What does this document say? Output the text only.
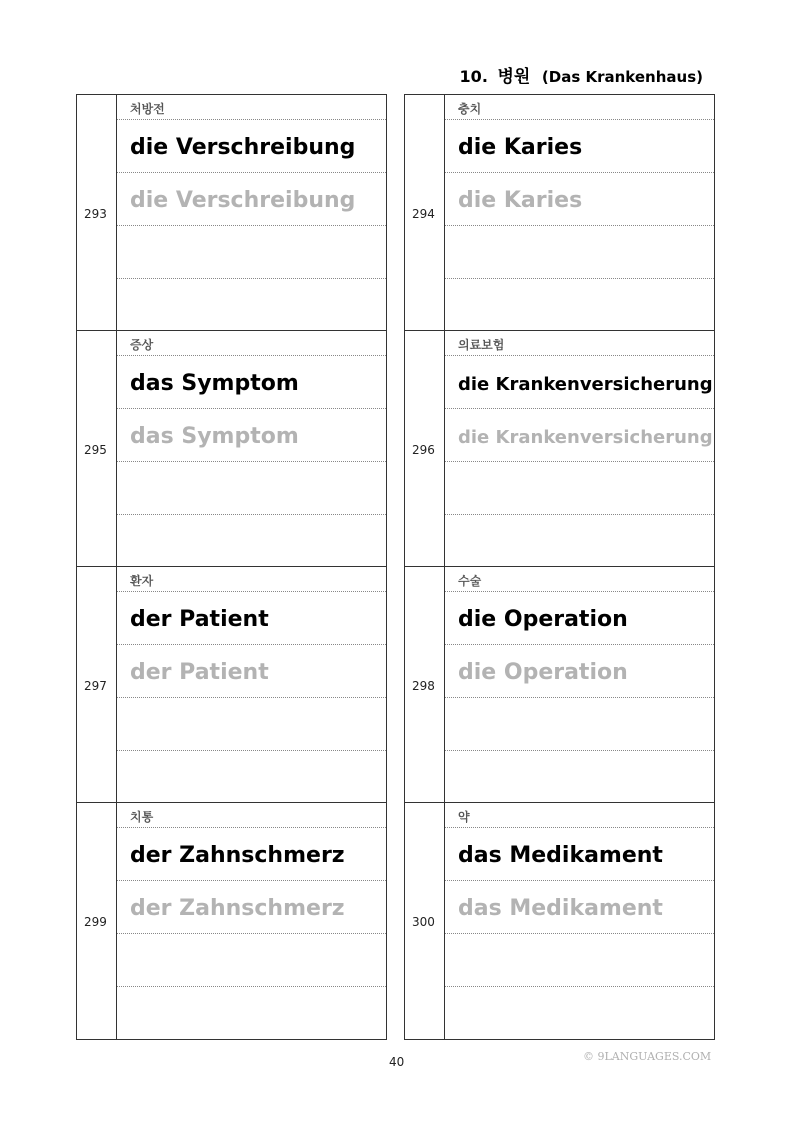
10. 병원 (Das Krankenhaus)
293
처방전
die Verschreibung
die Verschreibung
295
증상
das Symptom
das Symptom
297
환자
der Patient
der Patient
299
치통
der Zahnschmerz
der Zahnschmerz
294
충치
die Karies
die Karies
296
의료보험
die Krankenversicherung
die Krankenversicherung
298
수술
die Operation
die Operation
300
약
das Medikament
das Medikament
40	© 9LANGUAGES.COM
